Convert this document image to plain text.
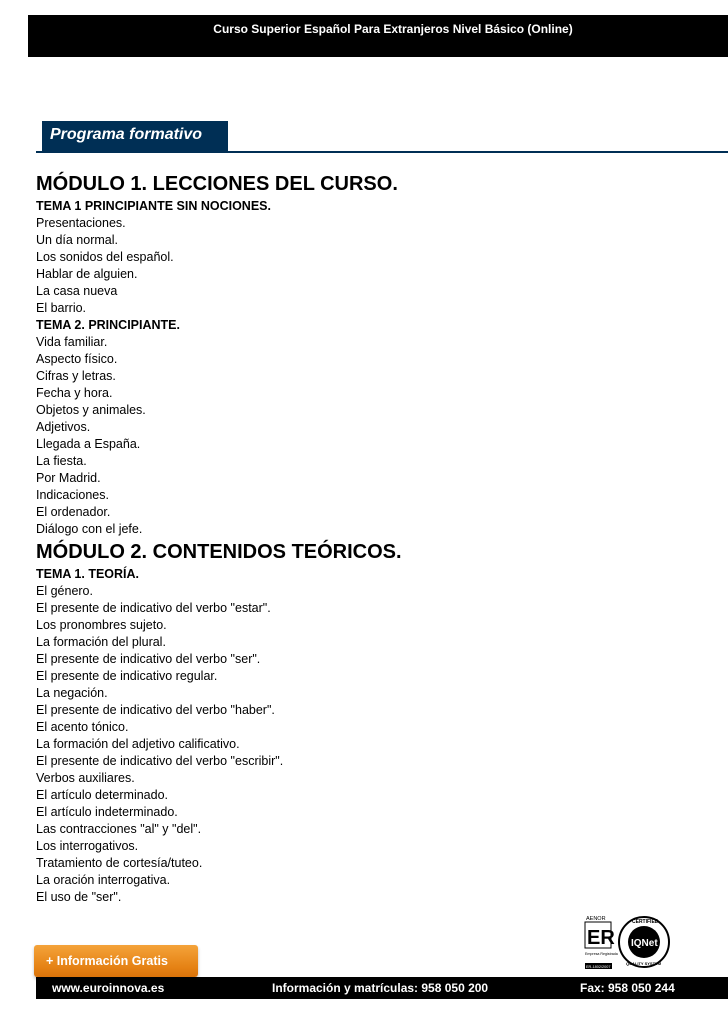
Curso Superior Español Para Extranjeros Nivel Básico (Online)
Programa formativo
MÓDULO 1. LECCIONES DEL CURSO.
TEMA 1 PRINCIPIANTE SIN NOCIONES.
Presentaciones.
Un día normal.
Los sonidos del español.
Hablar de alguien.
La casa nueva
El barrio.
TEMA 2. PRINCIPIANTE.
Vida familiar.
Aspecto físico.
Cifras y letras.
Fecha y hora.
Objetos y animales.
Adjetivos.
Llegada a España.
La fiesta.
Por Madrid.
Indicaciones.
El ordenador.
Diálogo con el jefe.
MÓDULO 2. CONTENIDOS TEÓRICOS.
TEMA 1. TEORÍA.
El género.
El presente de indicativo del verbo "estar".
Los pronombres sujeto.
La formación del plural.
El presente de indicativo del verbo "ser".
El presente de indicativo regular.
La negación.
El presente de indicativo del verbo "haber".
El acento tónico.
La formación del adjetivo calificativo.
El presente de indicativo del verbo "escribir".
Verbos auxiliares.
El artículo determinado.
El artículo indeterminado.
Las contracciones "al" y "del".
Los interrogativos.
Tratamiento de cortesía/tuteo.
La oración interrogativa.
El uso de "ser".
AENOR
ER
Empresa Registrada
ER-1802/2007
IQNet
CERTIFIED
QUALITY SYSTEM
+ Información Gratis
www.euroinnova.es	Información y matrículas: 958 050 200	Fax: 958 050 244
